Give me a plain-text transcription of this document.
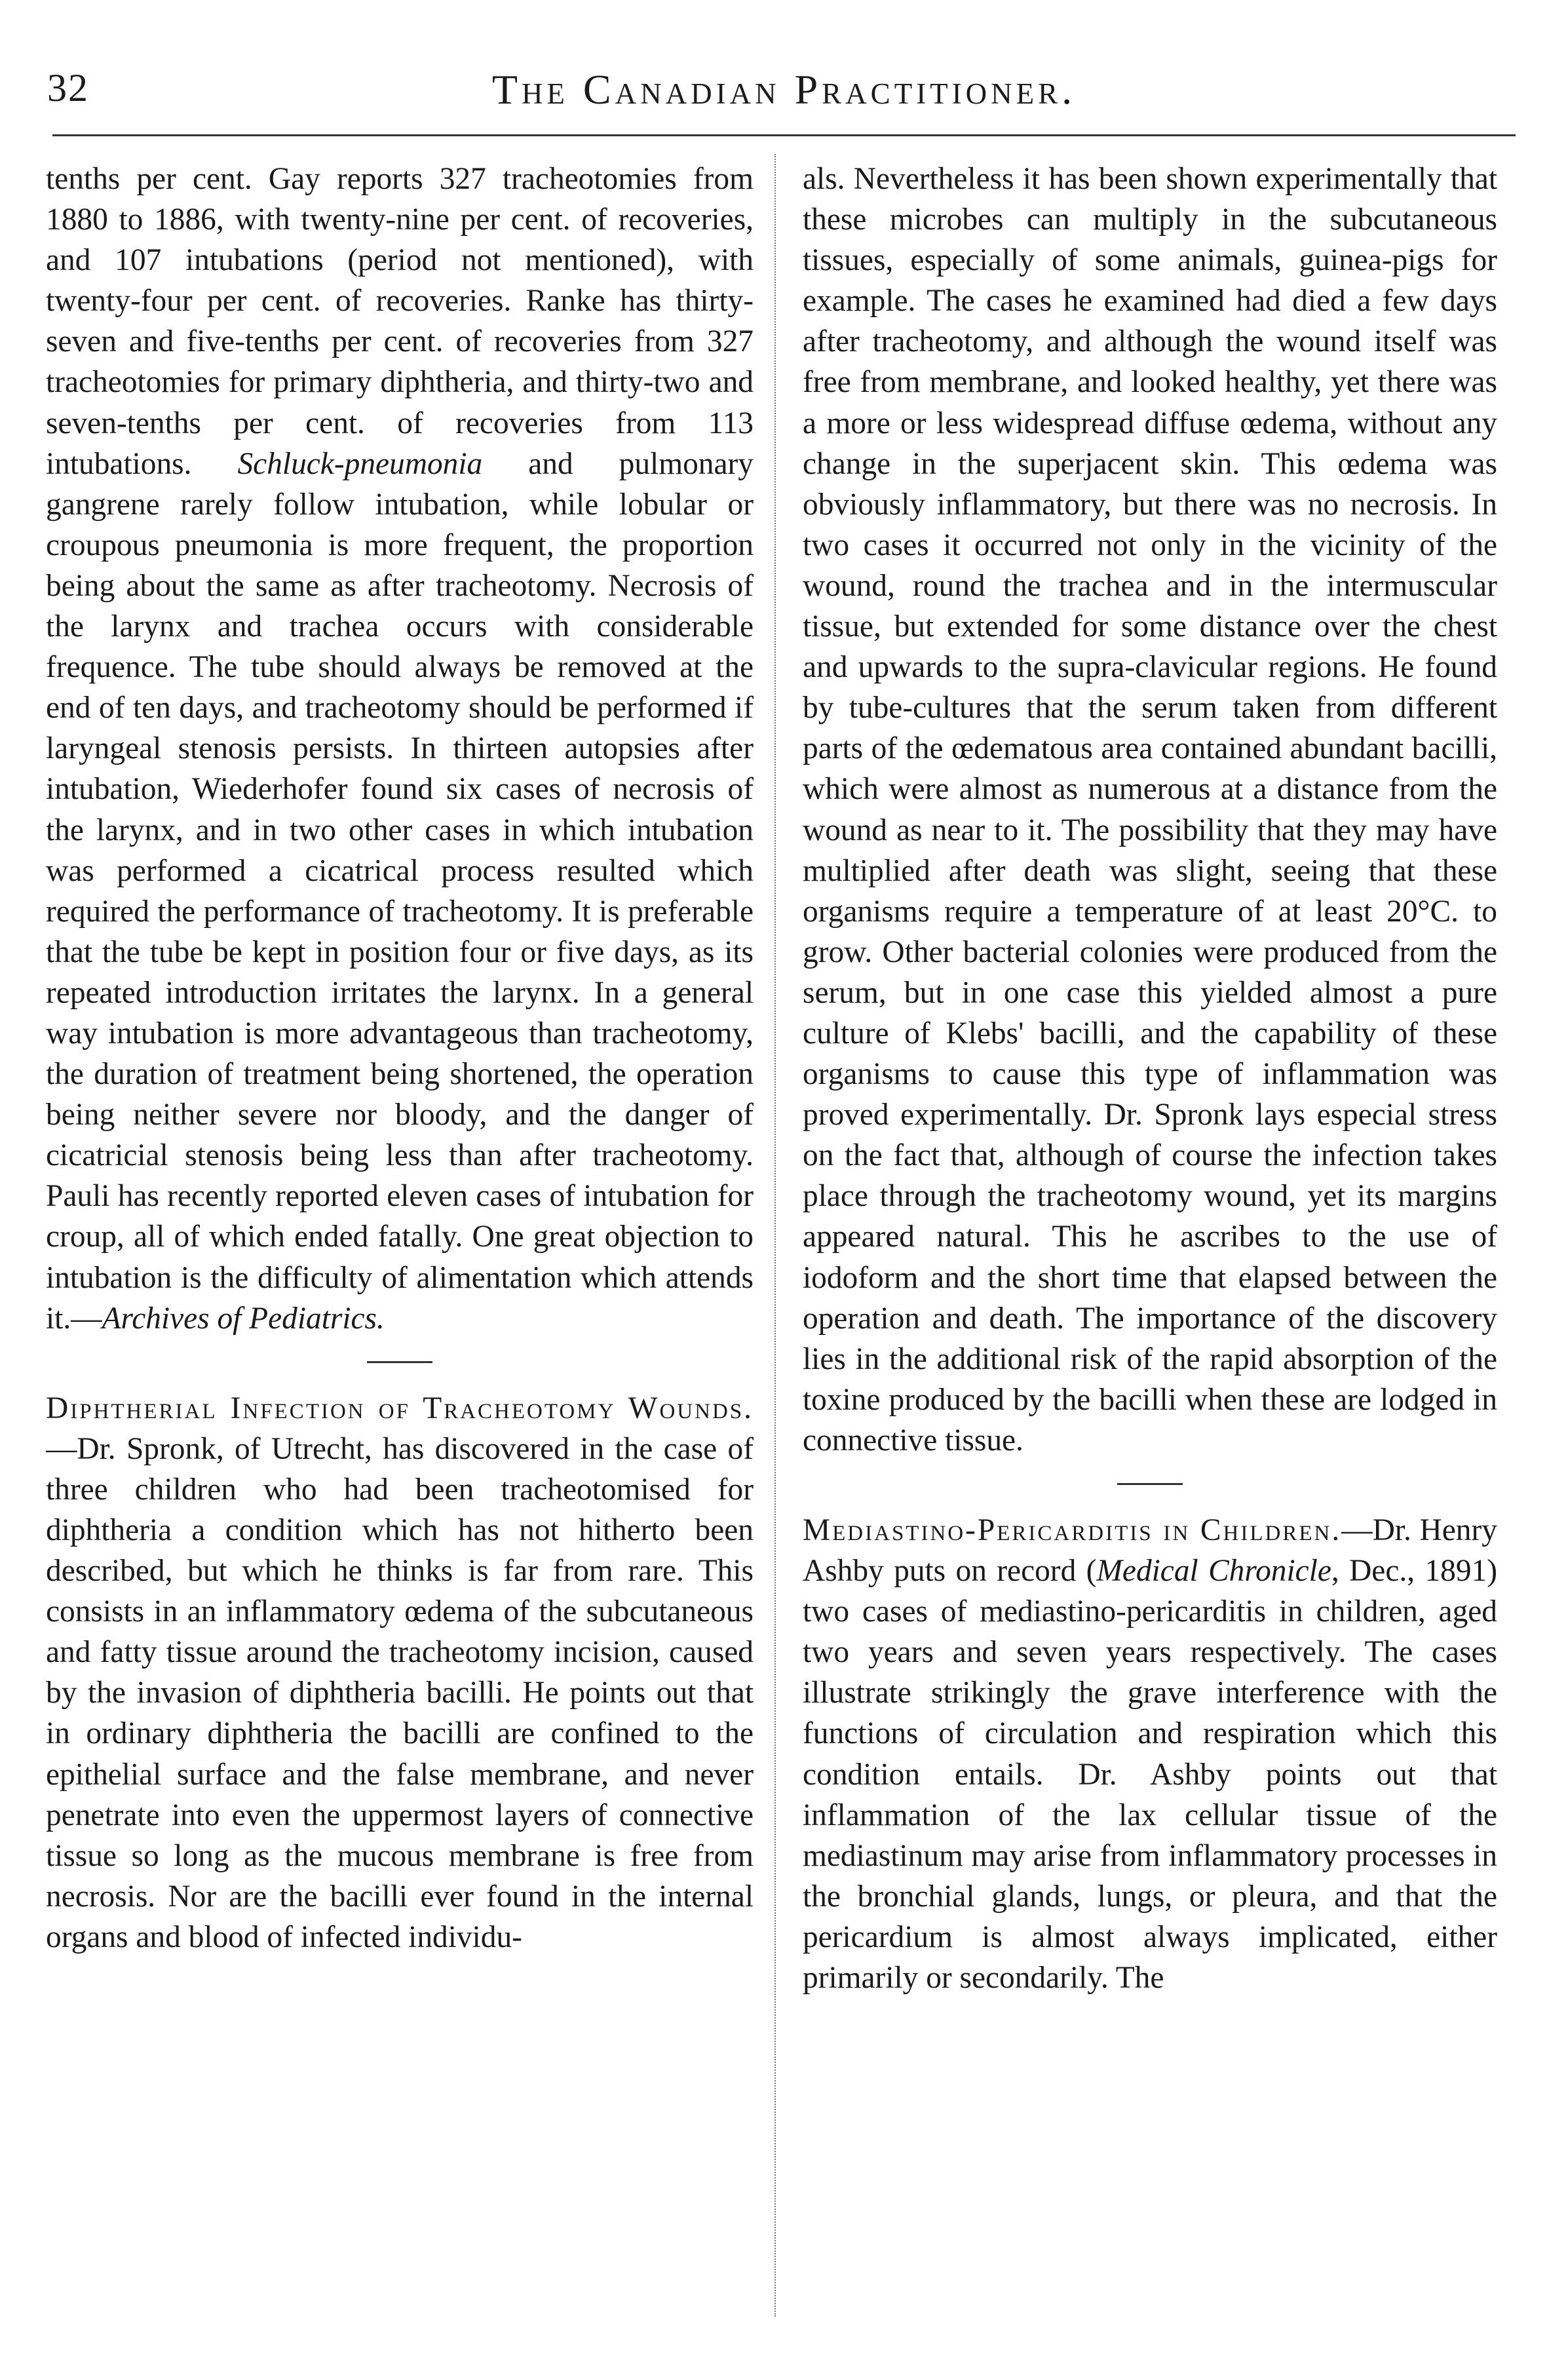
32	The Canadian Practitioner.

tenths per cent. Gay reports 327 tracheotomies from 1880 to 1886, with twenty-nine per cent. of recoveries, and 107 intubations (period not mentioned), with twenty-four per cent. of recoveries. Ranke has thirty-seven and five-tenths per cent. of recoveries from 327 tracheotomies for primary diphtheria, and thirty-two and seven-tenths per cent. of recoveries from 113 intubations. Schluck-pneumonia and pulmonary gangrene rarely follow intubation, while lobular or croupous pneumonia is more frequent, the proportion being about the same as after tracheotomy. Necrosis of the larynx and trachea occurs with considerable frequence. The tube should always be removed at the end of ten days, and tracheotomy should be performed if laryngeal stenosis persists. In thirteen autopsies after intubation, Wiederhofer found six cases of necrosis of the larynx, and in two other cases in which intubation was performed a cicatrical process resulted which required the performance of tracheotomy. It is preferable that the tube be kept in position four or five days, as its repeated introduction irritates the larynx. In a general way intubation is more advantageous than tracheotomy, the duration of treatment being shortened, the operation being neither severe nor bloody, and the danger of cicatricial stenosis being less than after tracheotomy. Pauli has recently reported eleven cases of intubation for croup, all of which ended fatally. One great objection to intubation is the difficulty of alimentation which attends it.—Archives of Pediatrics.

Diphtherial Infection of Tracheotomy Wounds.—Dr. Spronk, of Utrecht, has discovered in the case of three children who had been tracheotomised for diphtheria a condition which has not hitherto been described, but which he thinks is far from rare. This consists in an inflammatory œdema of the subcutaneous and fatty tissue around the tracheotomy incision, caused by the invasion of diphtheria bacilli. He points out that in ordinary diphtheria the bacilli are confined to the epithelial surface and the false membrane, and never penetrate into even the uppermost layers of connective tissue so long as the mucous membrane is free from necrosis. Nor are the bacilli ever found in the internal organs and blood of infected individu-

als. Nevertheless it has been shown experimentally that these microbes can multiply in the subcutaneous tissues, especially of some animals, guinea-pigs for example. The cases he examined had died a few days after tracheotomy, and although the wound itself was free from membrane, and looked healthy, yet there was a more or less widespread diffuse œdema, without any change in the superjacent skin. This œdema was obviously inflammatory, but there was no necrosis. In two cases it occurred not only in the vicinity of the wound, round the trachea and in the intermuscular tissue, but extended for some distance over the chest and upwards to the supra-clavicular regions. He found by tube-cultures that the serum taken from different parts of the œdematous area contained abundant bacilli, which were almost as numerous at a distance from the wound as near to it. The possibility that they may have multiplied after death was slight, seeing that these organisms require a temperature of at least 20°C. to grow. Other bacterial colonies were produced from the serum, but in one case this yielded almost a pure culture of Klebs' bacilli, and the capability of these organisms to cause this type of inflammation was proved experimentally. Dr. Spronk lays especial stress on the fact that, although of course the infection takes place through the tracheotomy wound, yet its margins appeared natural. This he ascribes to the use of iodoform and the short time that elapsed between the operation and death. The importance of the discovery lies in the additional risk of the rapid absorption of the toxine produced by the bacilli when these are lodged in connective tissue.

Mediastino-Pericarditis in Children.—Dr. Henry Ashby puts on record (Medical Chronicle, Dec., 1891) two cases of mediastino-pericarditis in children, aged two years and seven years respectively. The cases illustrate strikingly the grave interference with the functions of circulation and respiration which this condition entails. Dr. Ashby points out that inflammation of the lax cellular tissue of the mediastinum may arise from inflammatory processes in the bronchial glands, lungs, or pleura, and that the pericardium is almost always implicated, either primarily or secondarily. The
